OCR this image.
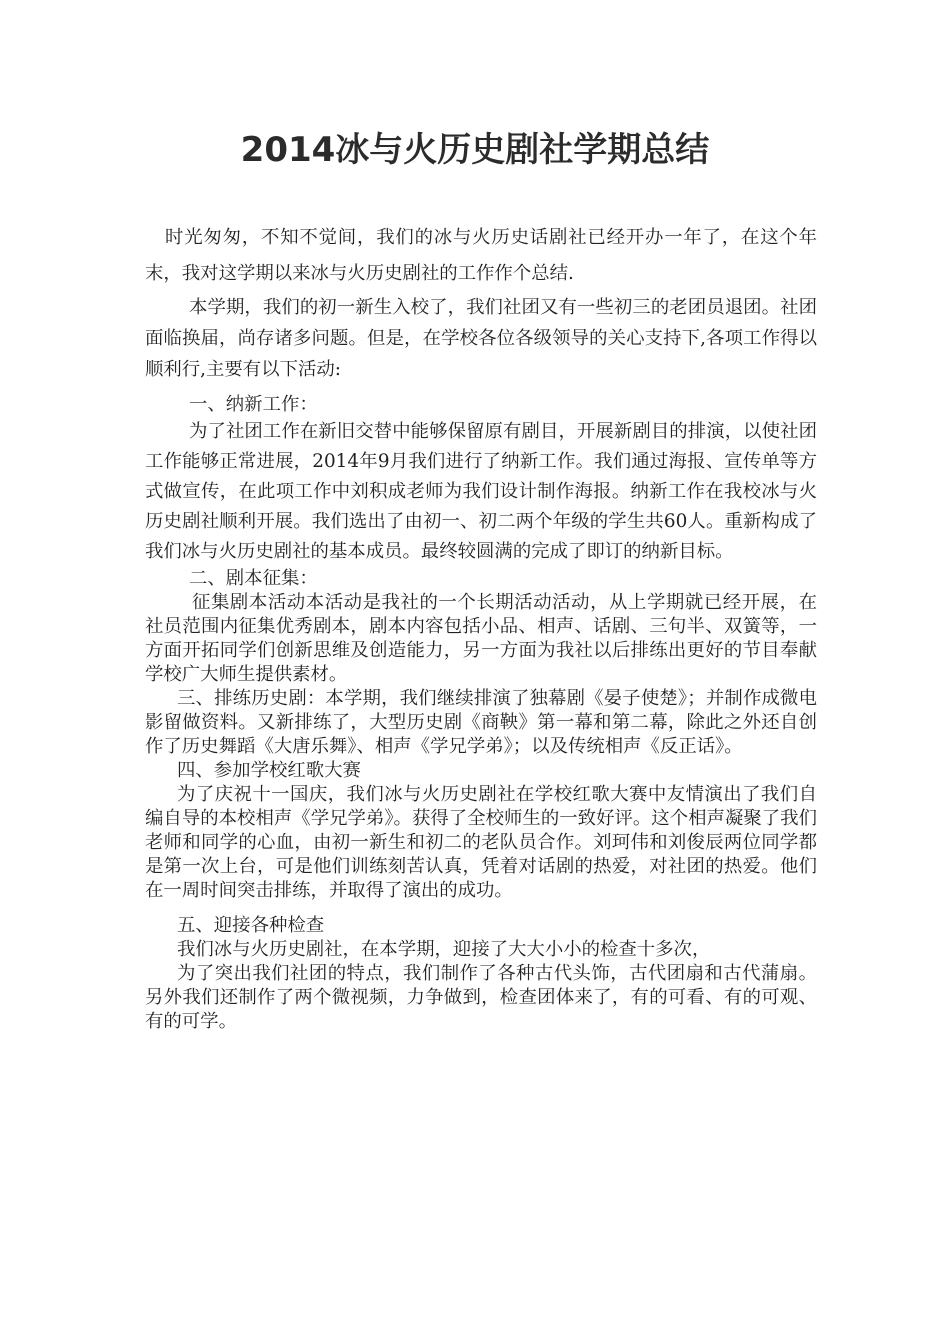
2014冰与火历史剧社学期总结

时光匆匆，不知不觉间，我们的冰与火历史话剧社已经开办一年了，在这个年末，我对这学期以来冰与火历史剧社的工作作个总结.

本学期，我们的初一新生入校了，我们社团又有一些初三的老团员退团。社团面临换届，尚存诸多问题。但是，在学校各位各级领导的关心支持下,各项工作得以顺利行,主要有以下活动:

一、纳新工作：

为了社团工作在新旧交替中能够保留原有剧目，开展新剧目的排演，以使社团工作能够正常进展，2014年9月我们进行了纳新工作。我们通过海报、宣传单等方式做宣传，在此项工作中刘积成老师为我们设计制作海报。纳新工作在我校冰与火历史剧社顺利开展。我们选出了由初一、初二两个年级的学生共60人。重新构成了我们冰与火历史剧社的基本成员。最终较圆满的完成了即订的纳新目标。

二、剧本征集：

征集剧本活动本活动是我社的一个长期活动活动，从上学期就已经开展，在社员范围内征集优秀剧本，剧本内容包括小品、相声、话剧、三句半、双簧等，一方面开拓同学们创新思维及创造能力，另一方面为我社以后排练出更好的节目奉献学校广大师生提供素材。

三、排练历史剧：本学期，我们继续排演了独幕剧《晏子使楚》；并制作成微电影留做资料。又新排练了，大型历史剧《商鞅》第一幕和第二幕，除此之外还自创作了历史舞蹈《大唐乐舞》、相声《学兄学弟》；以及传统相声《反正话》。

四、参加学校红歌大赛

为了庆祝十一国庆，我们冰与火历史剧社在学校红歌大赛中友情演出了我们自编自导的本校相声《学兄学弟》。获得了全校师生的一致好评。这个相声凝聚了我们老师和同学的心血，由初一新生和初二的老队员合作。刘珂伟和刘俊辰两位同学都是第一次上台，可是他们训练刻苦认真，凭着对话剧的热爱，对社团的热爱。他们在一周时间突击排练，并取得了演出的成功。

五、迎接各种检查

我们冰与火历史剧社，在本学期，迎接了大大小小的检查十多次，

为了突出我们社团的特点，我们制作了各种古代头饰，古代团扇和古代蒲扇。另外我们还制作了两个微视频，力争做到，检查团体来了，有的可看、有的可观、有的可学。
